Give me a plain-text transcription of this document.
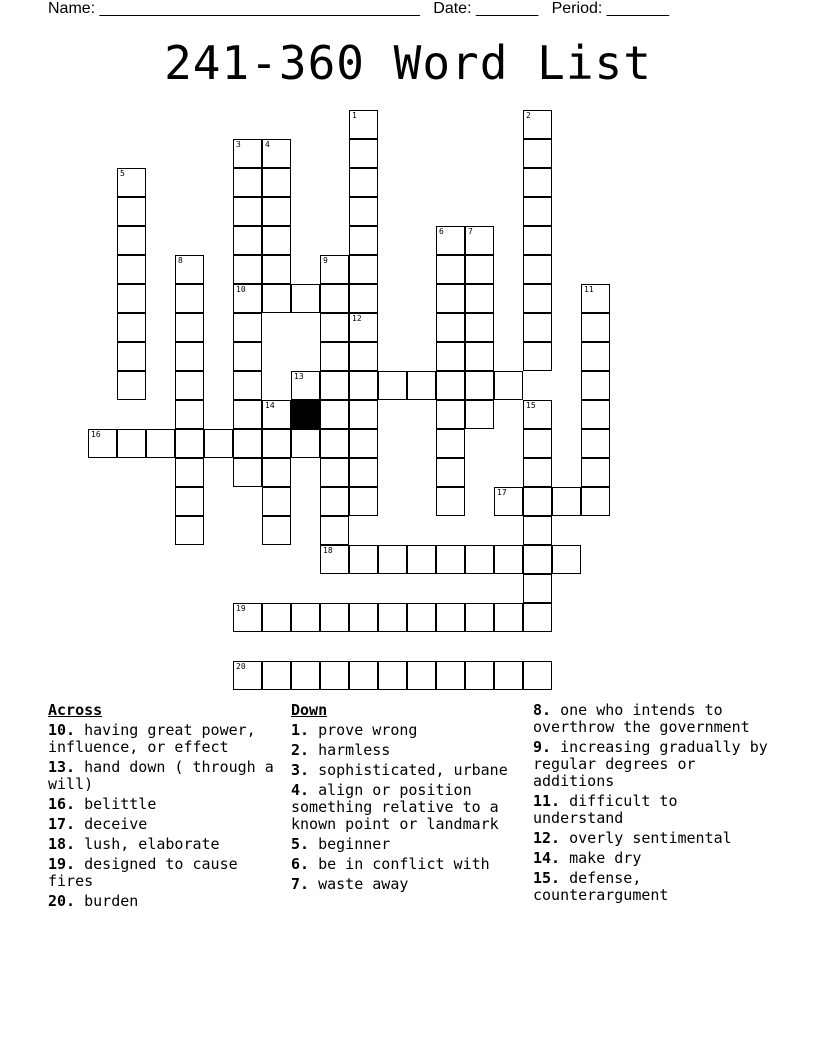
Name: ____________________________________ Date: _______ Period: _______
241-360 Word List
1	2
3
10
4
5
6	7
8	9
18
11
12
13
14	15
16
17
19
20
Across
10. having great power, influence, or effect
13. hand down ( through a will)
16. belittle
17. deceive
18. lush, elaborate
19. designed to cause fires
20. burden
Down
1. prove wrong
2. harmless
3. sophisticated, urbane
4. align or position something relative to a known point or landmark
5. beginner
6. be in conflict with
7. waste away
8. one who intends to overthrow the government
9. increasing gradually by regular degrees or additions
11. difficult to understand
12. overly sentimental
14. make dry
15. defense, counterargument
